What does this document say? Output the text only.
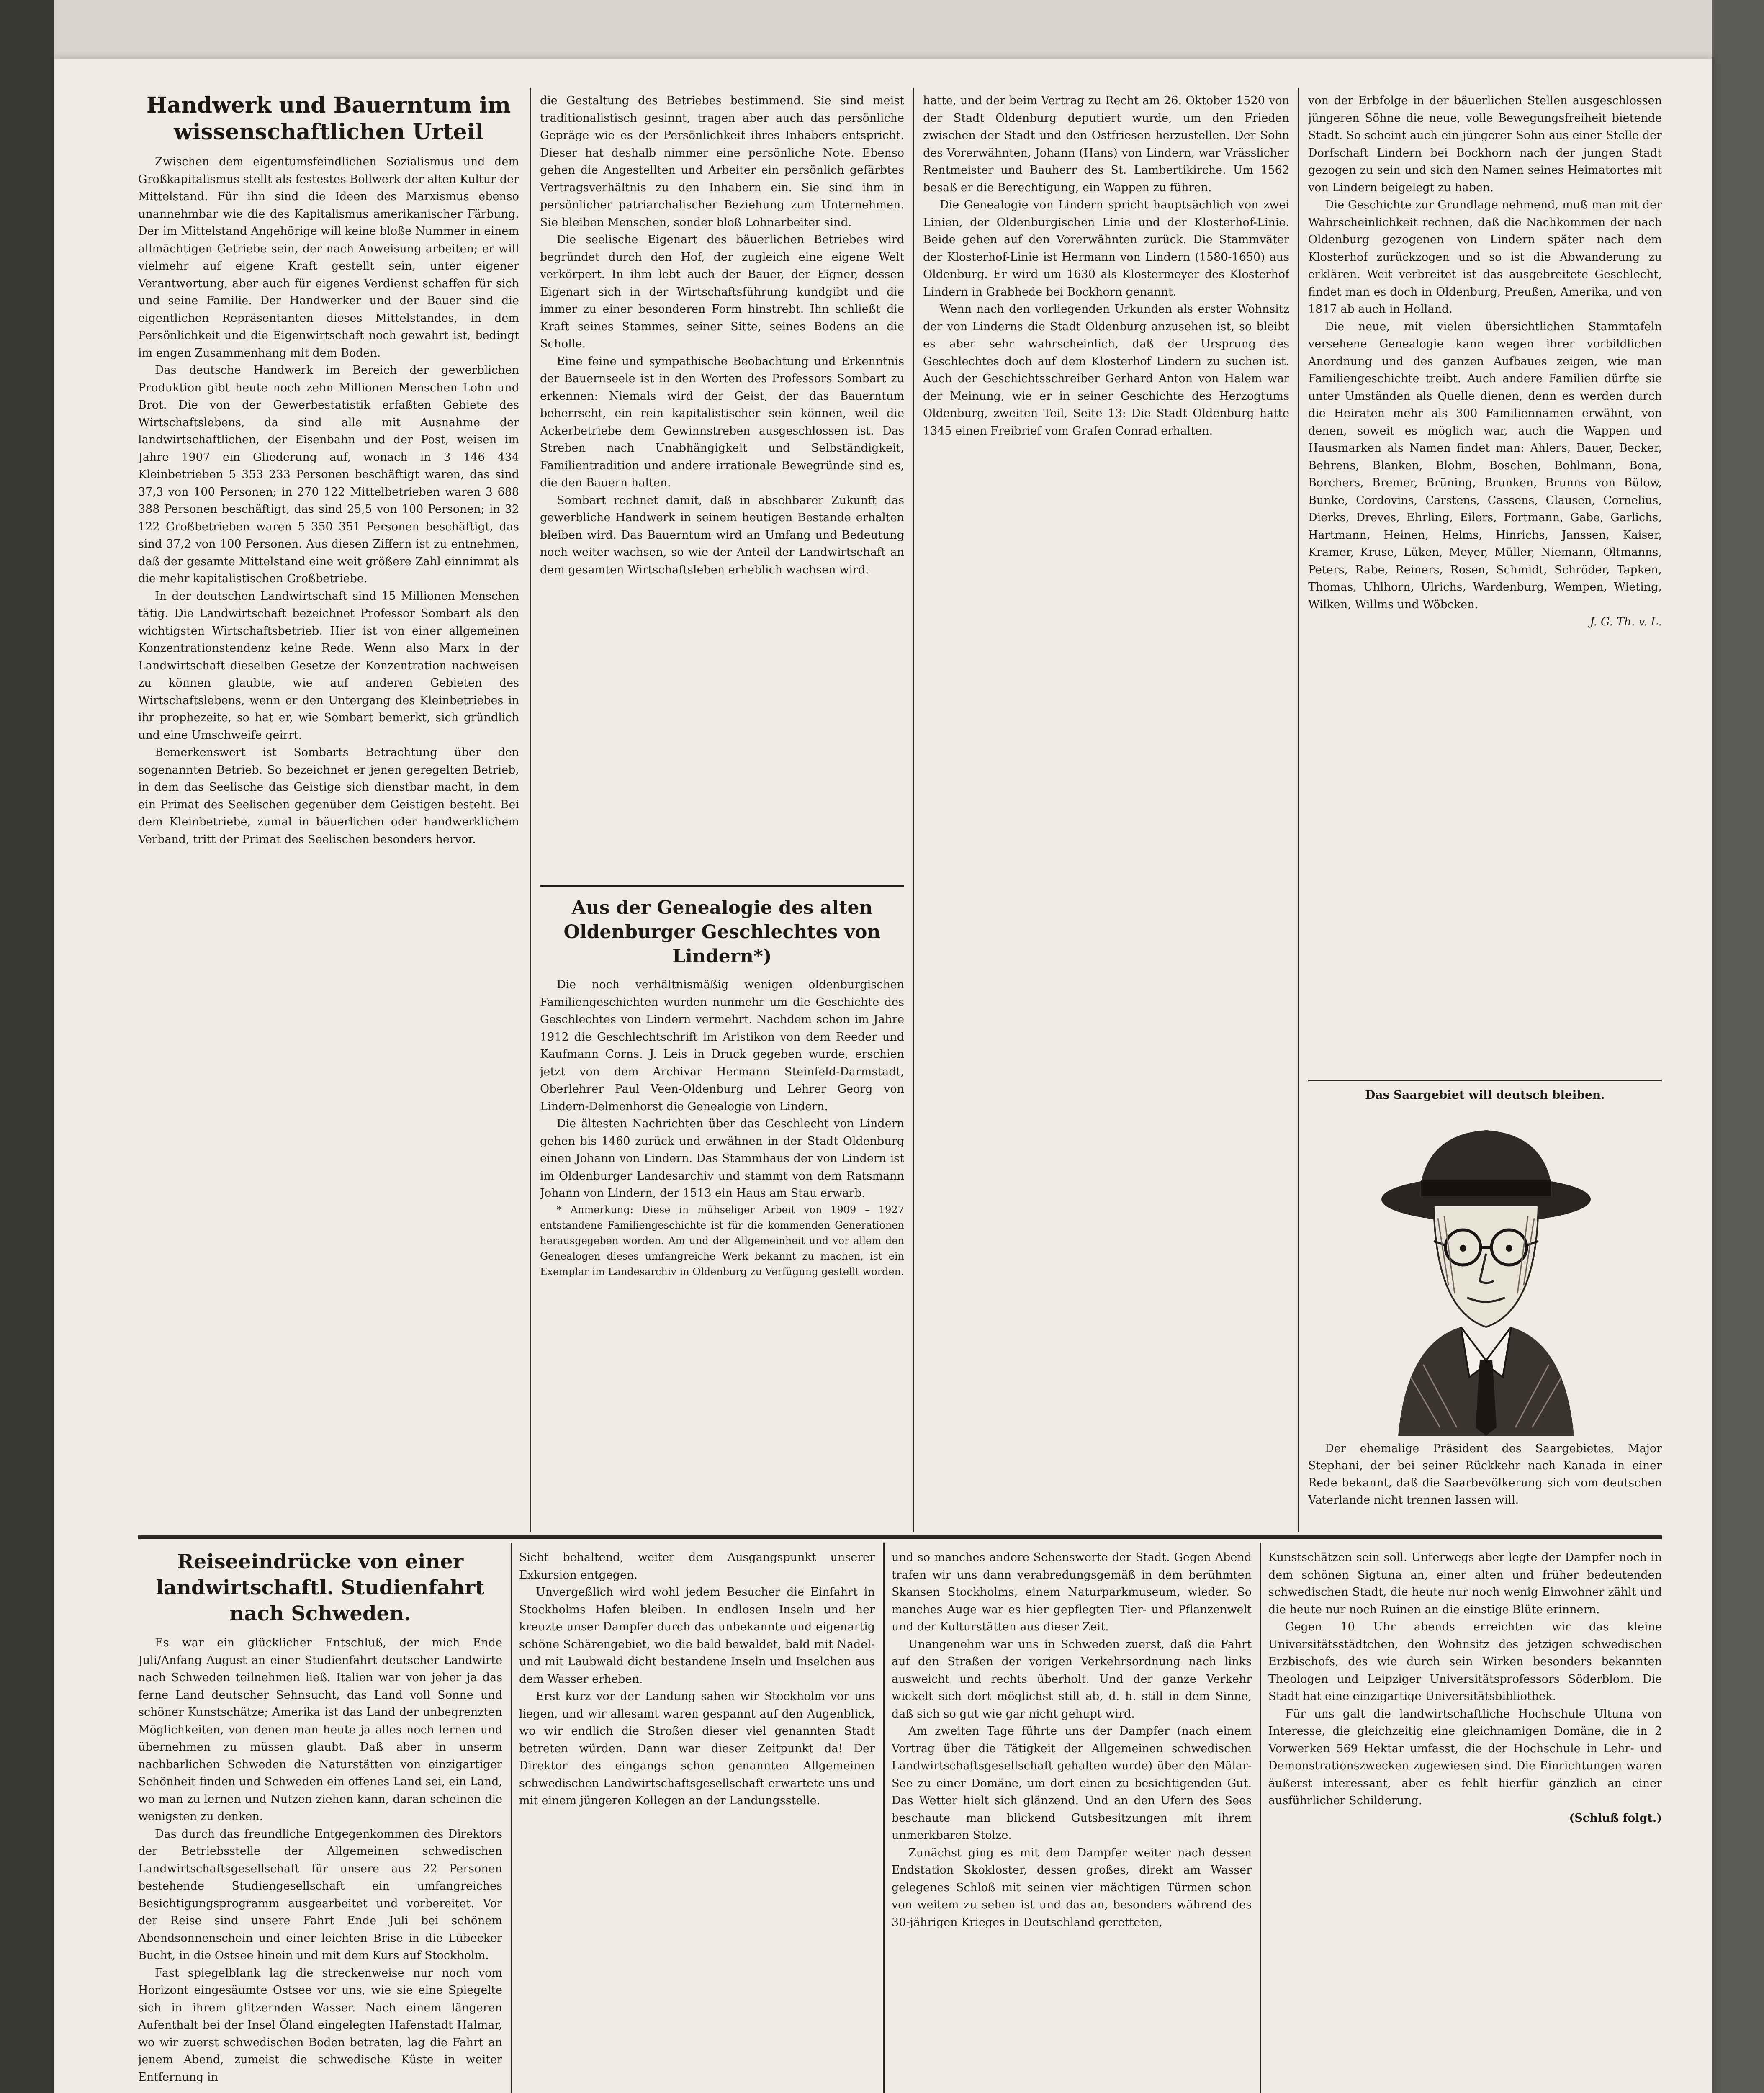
Handwerk und Bauerntum im wissenschaftlichen Urteil

Zwischen dem eigentumsfeindlichen Sozialismus und dem Großkapitalismus stellt als festestes Bollwerk der alten Kultur der Mittelstand. Für ihn sind die Ideen des Marxismus ebenso unannehmbar wie die des Kapitalismus amerikanischer Färbung. Der im Mittelstand Angehörige will keine bloße Nummer in einem allmächtigen Getriebe sein, der nach Anweisung arbeiten; er will vielmehr auf eigene Kraft gestellt sein, unter eigener Verantwortung, aber auch für eigenes Verdienst schaffen für sich und seine Familie. Der Handwerker und der Bauer sind die eigentlichen Repräsentanten dieses Mittelstandes, in dem Persönlichkeit und die Eigenwirtschaft noch gewahrt ist, bedingt im engen Zusammenhang mit dem Boden.

Das deutsche Handwerk im Bereich der gewerblichen Produktion gibt heute noch zehn Millionen Menschen Lohn und Brot. Die von der Gewerbestatistik erfaßten Gebiete des Wirtschaftslebens, da sind alle mit Ausnahme der landwirtschaftlichen, der Eisenbahn und der Post, weisen im Jahre 1907 ein Gliederung auf, wonach in 3 146 434 Kleinbetrieben 5 353 233 Personen beschäftigt waren, das sind 37,3 von 100 Personen; in 270 122 Mittelbetrieben waren 3 688 388 Personen beschäftigt, das sind 25,5 von 100 Personen; in 32 122 Großbetrieben waren 5 350 351 Personen beschäftigt, das sind 37,2 von 100 Personen. Aus diesen Ziffern ist zu entnehmen, daß der gesamte Mittelstand eine weit größere Zahl einnimmt als die mehr kapitalistischen Großbetriebe.

In der deutschen Landwirtschaft sind 15 Millionen Menschen tätig. Die Landwirtschaft bezeichnet Professor Sombart als den wichtigsten Wirtschaftsbetrieb. Hier ist von einer allgemeinen Konzentrationstendenz keine Rede. Wenn also Marx in der Landwirtschaft dieselben Gesetze der Konzentration nachweisen zu können glaubte, wie auf anderen Gebieten des Wirtschaftslebens, wenn er den Untergang des Kleinbetriebes in ihr prophezeite, so hat er, wie Sombart bemerkt, sich gründlich und eine Umschweife geirrt.

Bemerkenswert ist Sombarts Betrachtung über den sogenannten Betrieb. So bezeichnet er jenen geregelten Betrieb, in dem das Seelische das Geistige sich dienstbar macht, in dem ein Primat des Seelischen gegenüber dem Geistigen besteht. Bei dem Kleinbetriebe, zumal in bäuerlichen oder handwerklichem Verband, tritt der Primat des Seelischen besonders hervor.

die Gestaltung des Betriebes bestimmend. Sie sind meist traditionalistisch gesinnt, tragen aber auch das persönliche Gepräge wie es der Persönlichkeit ihres Inhabers entspricht. Dieser hat deshalb nimmer eine persönliche Note. Ebenso gehen die Angestellten und Arbeiter ein persönlich gefärbtes Vertragsverhältnis zu den Inhabern ein. Sie sind ihm in persönlicher patriarchalischer Beziehung zum Unternehmen. Sie bleiben Menschen, sonder bloß Lohnarbeiter sind.

Die seelische Eigenart des bäuerlichen Betriebes wird begründet durch den Hof, der zugleich eine eigene Welt verkörpert. In ihm lebt auch der Bauer, der Eigner, dessen Eigenart sich in der Wirtschaftsführung kundgibt und die immer zu einer besonderen Form hinstrebt. Ihn schließt die Kraft seines Stammes, seiner Sitte, seines Bodens an die Scholle.

Eine feine und sympathische Beobachtung und Erkenntnis der Bauernseele ist in den Worten des Professors Sombart zu erkennen: Niemals wird der Geist, der das Bauerntum beherrscht, ein rein kapitalistischer sein können, weil die Ackerbetriebe dem Gewinnstreben ausgeschlossen ist. Das Streben nach Unabhängigkeit und Selbständigkeit, Familientradition und andere irrationale Bewegründe sind es, die den Bauern halten.

Sombart rechnet damit, daß in absehbarer Zukunft das gewerbliche Handwerk in seinem heutigen Bestande erhalten bleiben wird. Das Bauerntum wird an Umfang und Bedeutung noch weiter wachsen, so wie der Anteil der Landwirtschaft an dem gesamten Wirtschaftsleben erheblich wachsen wird.

Aus der Genealogie des alten Oldenburger Geschlechtes von Lindern*)

Die noch verhältnismäßig wenigen oldenburgischen Familiengeschichten wurden nunmehr um die Geschichte des Geschlechtes von Lindern vermehrt. Nachdem schon im Jahre 1912 die Geschlechtschrift im Aristikon von dem Reeder und Kaufmann Corns. J. Leis in Druck gegeben wurde, erschien jetzt von dem Archivar Hermann Steinfeld-Darmstadt, Oberlehrer Paul Veen-Oldenburg und Lehrer Georg von Lindern-Delmenhorst die Genealogie von Lindern.

Die ältesten Nachrichten über das Geschlecht von Lindern gehen bis 1460 zurück und erwähnen in der Stadt Oldenburg einen Johann von Lindern. Das Stammhaus der von Lindern ist im Oldenburger Landesarchiv und stammt von dem Ratsmann Johann von Lindern, der 1513 ein Haus am Stau erwarb.

* Anmerkung: Diese in mühseliger Arbeit von 1909 – 1927 entstandene Familiengeschichte ist für die kommenden Generationen herausgegeben worden. Am und der Allgemeinheit und vor allem den Genealogen dieses umfangreiche Werk bekannt zu machen, ist ein Exemplar im Landesarchiv in Oldenburg zu Verfügung gestellt worden.

hatte, und der beim Vertrag zu Recht am 26. Oktober 1520 von der Stadt Oldenburg deputiert wurde, um den Frieden zwischen der Stadt und den Ostfriesen herzustellen. Der Sohn des Vorerwähnten, Johann (Hans) von Lindern, war Vrässlicher Rentmeister und Bauherr des St. Lambertikirche. Um 1562 besaß er die Berechtigung, ein Wappen zu führen.

Die Genealogie von Lindern spricht hauptsächlich von zwei Linien, der Oldenburgischen Linie und der Klosterhof-Linie. Beide gehen auf den Vorerwähnten zurück. Die Stammväter der Klosterhof-Linie ist Hermann von Lindern (1580-1650) aus Oldenburg. Er wird um 1630 als Klostermeyer des Klosterhof Lindern in Grabhede bei Bockhorn genannt.

Wenn nach den vorliegenden Urkunden als erster Wohnsitz der von Linderns die Stadt Oldenburg anzusehen ist, so bleibt es aber sehr wahrscheinlich, daß der Ursprung des Geschlechtes doch auf dem Klosterhof Lindern zu suchen ist. Auch der Geschichtsschreiber Gerhard Anton von Halem war der Meinung, wie er in seiner Geschichte des Herzogtums Oldenburg, zweiten Teil, Seite 13: Die Stadt Oldenburg hatte 1345 einen Freibrief vom Grafen Conrad erhalten.

von der Erbfolge in der bäuerlichen Stellen ausgeschlossen jüngeren Söhne die neue, volle Bewegungsfreiheit bietende Stadt. So scheint auch ein jüngerer Sohn aus einer Stelle der Dorfschaft Lindern bei Bockhorn nach der jungen Stadt gezogen zu sein und sich den Namen seines Heimatortes mit von Lindern beigelegt zu haben.

Die Geschichte zur Grundlage nehmend, muß man mit der Wahrscheinlichkeit rechnen, daß die Nachkommen der nach Oldenburg gezogenen von Lindern später nach dem Klosterhof zurückzogen und so ist die Abwanderung zu erklären. Weit verbreitet ist das ausgebreitete Geschlecht, findet man es doch in Oldenburg, Preußen, Amerika, und von 1817 ab auch in Holland.

Die neue, mit vielen übersichtlichen Stammtafeln versehene Genealogie kann wegen ihrer vorbildlichen Anordnung und des ganzen Aufbaues zeigen, wie man Familiengeschichte treibt. Auch andere Familien dürfte sie unter Umständen als Quelle dienen, denn es werden durch die Heiraten mehr als 300 Familiennamen erwähnt, von denen, soweit es möglich war, auch die Wappen und Hausmarken als Namen findet man: Ahlers, Bauer, Becker, Behrens, Blanken, Blohm, Boschen, Bohlmann, Bona, Borchers, Bremer, Brüning, Brunken, Brunns von Bülow, Bunke, Cordovins, Carstens, Cassens, Clausen, Cornelius, Dierks, Dreves, Ehrling, Eilers, Fortmann, Gabe, Garlichs, Hartmann, Heinen, Helms, Hinrichs, Janssen, Kaiser, Kramer, Kruse, Lüken, Meyer, Müller, Niemann, Oltmanns, Peters, Rabe, Reiners, Rosen, Schmidt, Schröder, Tapken, Thomas, Uhlhorn, Ulrichs, Wardenburg, Wempen, Wieting, Wilken, Willms und Wöbcken.

J. G. Th. v. L.

Das Saargebiet will deutsch bleiben.

Der ehemalige Präsident des Saargebietes, Major Stephani, der bei seiner Rückkehr nach Kanada in einer Rede bekannt, daß die Saarbevölkerung sich vom deutschen Vaterlande nicht trennen lassen will.

Reiseeindrücke von einer landwirtschaftl. Studienfahrt nach Schweden.

Es war ein glücklicher Entschluß, der mich Ende Juli/Anfang August an einer Studienfahrt deutscher Landwirte nach Schweden teilnehmen ließ. Italien war von jeher ja das ferne Land deutscher Sehnsucht, das Land voll Sonne und schöner Kunstschätze; Amerika ist das Land der unbegrenzten Möglichkeiten, von denen man heute ja alles noch lernen und übernehmen zu müssen glaubt. Daß aber in unserm nachbarlichen Schweden die Naturstätten von einzigartiger Schönheit finden und Schweden ein offenes Land sei, ein Land, wo man zu lernen und Nutzen ziehen kann, daran scheinen die wenigsten zu denken.

Das durch das freundliche Entgegenkommen des Direktors der Betriebsstelle der Allgemeinen schwedischen Landwirtschaftsgesellschaft für unsere aus 22 Personen bestehende Studiengesellschaft ein umfangreiches Besichtigungsprogramm ausgearbeitet und vorbereitet. Vor der Reise sind unsere Fahrt Ende Juli bei schönem Abendsonnenschein und einer leichten Brise in die Lübecker Bucht, in die Ostsee hinein und mit dem Kurs auf Stockholm.

Fast spiegelblank lag die streckenweise nur noch vom Horizont eingesäumte Ostsee vor uns, wie sie eine Spiegelte sich in ihrem glitzernden Wasser. Nach einem längeren Aufenthalt bei der Insel Öland eingelegten Hafenstadt Halmar, wo wir zuerst schwedischen Boden betraten, lag die Fahrt an jenem Abend, zumeist die schwedische Küste in weiter Entfernung in

Sicht behaltend, weiter dem Ausgangspunkt unserer Exkursion entgegen.

Unvergeßlich wird wohl jedem Besucher die Einfahrt in Stockholms Hafen bleiben. In endlosen Inseln und her kreuzte unser Dampfer durch das unbekannte und eigenartig schöne Schärengebiet, wo die bald bewaldet, bald mit Nadel- und mit Laubwald dicht bestandene Inseln und Inselchen aus dem Wasser erheben.

Erst kurz vor der Landung sahen wir Stockholm vor uns liegen, und wir allesamt waren gespannt auf den Augenblick, wo wir endlich die Stroßen dieser viel genannten Stadt betreten würden. Dann war dieser Zeitpunkt da! Der Direktor des eingangs schon genannten Allgemeinen schwedischen Landwirtschaftsgesellschaft erwartete uns und mit einem jüngeren Kollegen an der Landungsstelle.

und so manches andere Sehenswerte der Stadt. Gegen Abend trafen wir uns dann verabredungsgemäß in dem berühmten Skansen Stockholms, einem Naturparkmuseum, wieder. So manches Auge war es hier gepflegten Tier- und Pflanzenwelt und der Kulturstätten aus dieser Zeit.

Unangenehm war uns in Schweden zuerst, daß die Fahrt auf den Straßen der vorigen Verkehrsordnung nach links ausweicht und rechts überholt. Und der ganze Verkehr wickelt sich dort möglichst still ab, d. h. still in dem Sinne, daß sich so gut wie gar nicht gehupt wird.

Am zweiten Tage führte uns der Dampfer (nach einem Vortrag über die Tätigkeit der Allgemeinen schwedischen Landwirtschaftsgesellschaft gehalten wurde) über den Mälar-See zu einer Domäne, um dort einen zu besichtigenden Gut. Das Wetter hielt sich glänzend. Und an den Ufern des Sees beschaute man blickend Gutsbesitzungen mit ihrem unmerkbaren Stolze.

Zunächst ging es mit dem Dampfer weiter nach dessen Endstation Skokloster, dessen großes, direkt am Wasser gelegenes Schloß mit seinen vier mächtigen Türmen schon von weitem zu sehen ist und das an, besonders während des 30-jährigen Krieges in Deutschland geretteten,

Kunstschätzen sein soll. Unterwegs aber legte der Dampfer noch in dem schönen Sigtuna an, einer alten und früher bedeutenden schwedischen Stadt, die heute nur noch wenig Einwohner zählt und die heute nur noch Ruinen an die einstige Blüte erinnern.

Gegen 10 Uhr abends erreichten wir das kleine Universitätsstädtchen, den Wohnsitz des jetzigen schwedischen Erzbischofs, des wie durch sein Wirken besonders bekannten Theologen und Leipziger Universitätsprofessors Söderblom. Die Stadt hat eine einzigartige Universitätsbibliothek.

Für uns galt die landwirtschaftliche Hochschule Ultuna von Interesse, die gleichzeitig eine gleichnamigen Domäne, die in 2 Vorwerken 569 Hektar umfasst, die der Hochschule in Lehr- und Demonstrationszwecken zugewiesen sind. Die Einrichtungen waren äußerst interessant, aber es fehlt hierfür gänzlich an einer ausführlicher Schilderung.

(Schluß folgt.)
